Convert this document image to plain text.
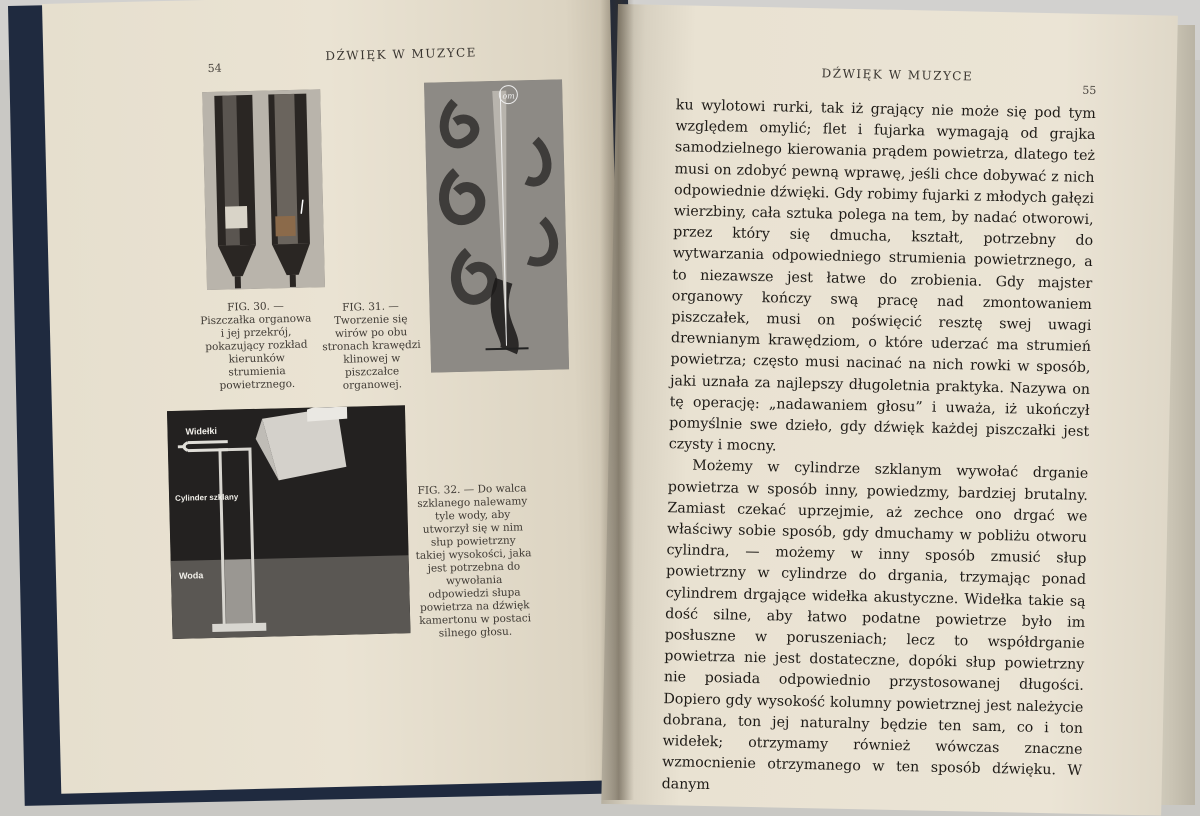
54
DŹWIĘK W MUZYCE

FIG. 30. — Piszczałka organowa i jej przekrój, pokazujący rozkład kierunków strumienia powietrznego.

om

FIG. 31. — Tworzenie się wirów po obu stronach krawędzi klinowej w piszczałce organowej.

Widełki
Cylinder szklany
Woda

FIG. 32. — Do walca szklanego nalewamy tyle wody, aby utworzył się w nim słup powietrzny takiej wysokości, jaka jest potrzebna do wywołania odpowiedzi słupa powietrza na dźwięk kamertonu w postaci silnego głosu.

DŹWIĘK W MUZYCE
55

ku wylotowi rurki, tak iż grający nie może się pod tym względem omylić; flet i fujarka wymagają od grajka samodzielnego kierowania prądem powietrza, dlatego też musi on zdobyć pewną wprawę, jeśli chce dobywać z nich odpowiednie dźwięki. Gdy robimy fujarki z młodych gałęzi wierzbiny, cała sztuka polega na tem, by nadać otworowi, przez który się dmucha, kształt, potrzebny do wytwarzania odpowiedniego strumienia powietrznego, a to niezawsze jest łatwe do zrobienia. Gdy majster organowy kończy swą pracę nad zmontowaniem piszczałek, musi on poświęcić resztę swej uwagi drewnianym krawędziom, o które uderzać ma strumień powietrza; często musi nacinać na nich rowki w sposób, jaki uznała za najlepszy długoletnia praktyka. Nazywa on tę operację: „nadawaniem głosu” i uważa, iż ukończył pomyślnie swe dzieło, gdy dźwięk każdej piszczałki jest czysty i mocny.

Możemy w cylindrze szklanym wywołać drganie powietrza w sposób inny, powiedzmy, bardziej brutalny. Zamiast czekać uprzejmie, aż zechce ono drgać we właściwy sobie sposób, gdy dmuchamy w pobliżu otworu cylindra, — możemy w inny sposób zmusić słup powietrzny w cylindrze do drgania, trzymając ponad cylindrem drgające widełka akustyczne. Widełka takie są dość silne, aby łatwo podatne powietrze było im posłuszne w poruszeniach; lecz to współdrganie powietrza nie jest dostateczne, dopóki słup powietrzny nie posiada odpowiednio przystosowanej długości. Dopiero gdy wysokość kolumny powietrznej jest należycie dobrana, ton jej naturalny będzie ten sam, co i ton widełek; otrzymamy również wówczas znaczne wzmocnienie otrzymanego w ten sposób dźwięku. W danym
